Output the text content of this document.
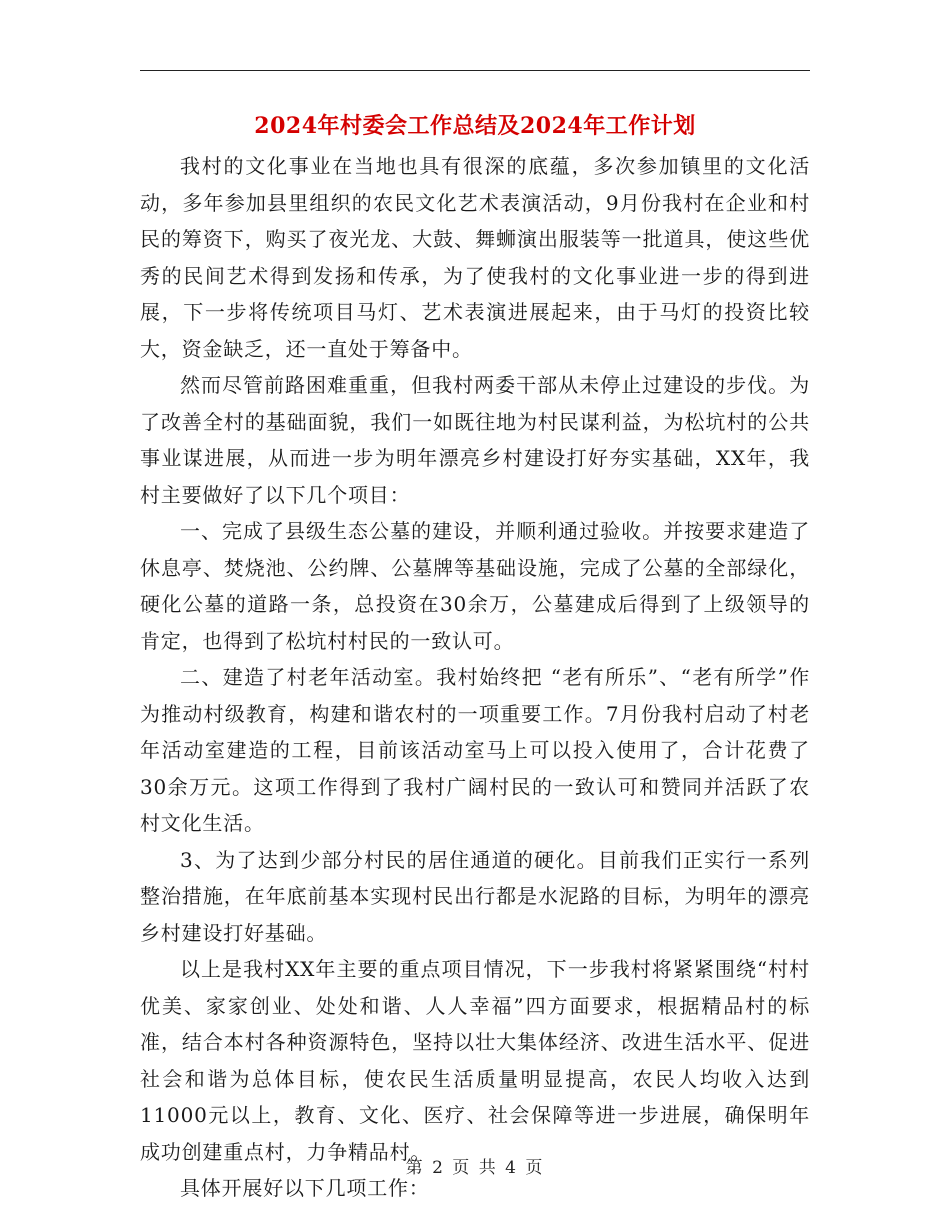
2024年村委会工作总结及2024年工作计划

我村的文化事业在当地也具有很深的底蕴，多次参加镇里的文化活动，多年参加县里组织的农民文化艺术表演活动，9月份我村在企业和村民的筹资下，购买了夜光龙、大鼓、舞蛳演出服装等一批道具，使这些优秀的民间艺术得到发扬和传承，为了使我村的文化事业进一步的得到进展，下一步将传统项目马灯、艺术表演进展起来，由于马灯的投资比较大，资金缺乏，还一直处于筹备中。

然而尽管前路困难重重，但我村两委干部从未停止过建设的步伐。为了改善全村的基础面貌，我们一如既往地为村民谋利益，为松坑村的公共事业谋进展，从而进一步为明年漂亮乡村建设打好夯实基础，XX年，我村主要做好了以下几个项目：

一、完成了县级生态公墓的建设，并顺利通过验收。并按要求建造了休息亭、焚烧池、公约牌、公墓牌等基础设施，完成了公墓的全部绿化，硬化公墓的道路一条，总投资在30余万，公墓建成后得到了上级领导的肯定，也得到了松坑村村民的一致认可。

二、建造了村老年活动室。我村始终把 “老有所乐”、“老有所学”作为推动村级教育，构建和谐农村的一项重要工作。7月份我村启动了村老年活动室建造的工程，目前该活动室马上可以投入使用了，合计花费了30余万元。这项工作得到了我村广阔村民的一致认可和赞同并活跃了农村文化生活。

3、为了达到少部分村民的居住通道的硬化。目前我们正实行一系列整治措施，在年底前基本实现村民出行都是水泥路的目标，为明年的漂亮乡村建设打好基础。

以上是我村XX年主要的重点项目情况，下一步我村将紧紧围绕“村村优美、家家创业、处处和谐、人人幸福”四方面要求，根据精品村的标准，结合本村各种资源特色，坚持以壮大集体经济、改进生活水平、促进社会和谐为总体目标，使农民生活质量明显提高，农民人均收入达到11000元以上，教育、文化、医疗、社会保障等进一步进展，确保明年成功创建重点村，力争精品村。

具体开展好以下几项工作：

第 2 页 共 4 页
